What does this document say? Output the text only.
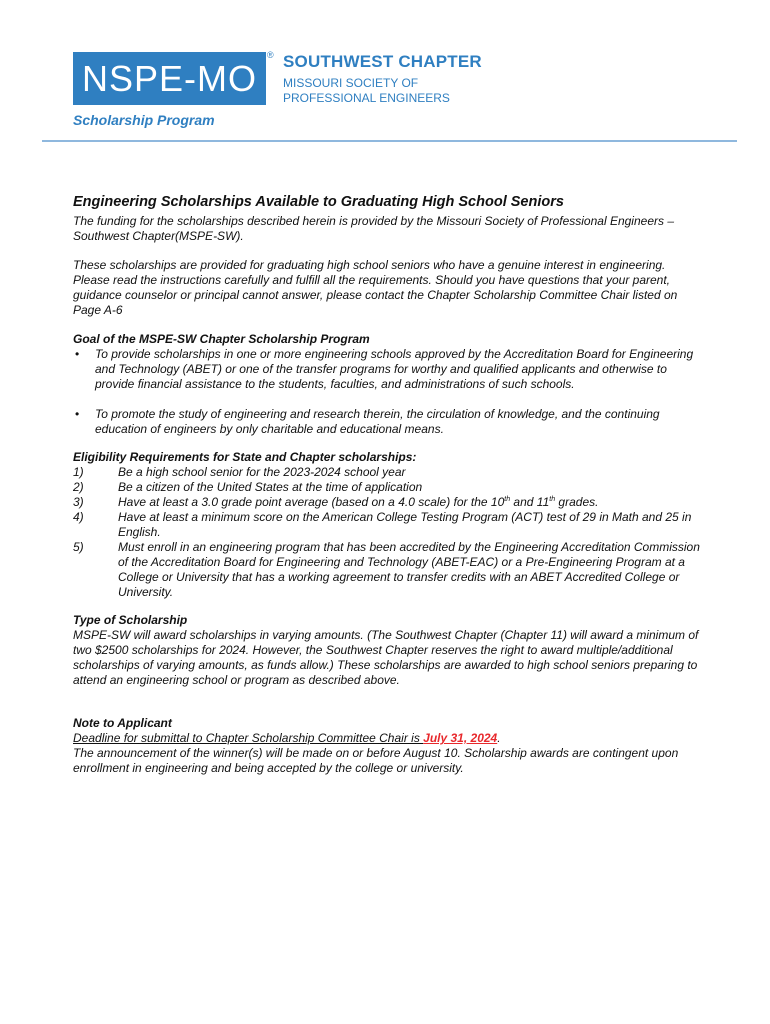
NSPE-MO
® SOUTHWEST CHAPTER
MISSOURI SOCIETY OF
PROFESSIONAL ENGINEERS
Scholarship Program
Engineering Scholarships Available to Graduating High School Seniors

The funding for the scholarships described herein is provided by the Missouri Society of Professional Engineers – Southwest Chapter(MSPE-SW).

These scholarships are provided for graduating high school seniors who have a genuine interest in engineering. Please read the instructions carefully and fulfill all the requirements. Should you have questions that your parent, guidance counselor or principal cannot answer, please contact the Chapter Scholarship Committee Chair listed on Page A-6

Goal of the MSPE-SW Chapter Scholarship Program
• To provide scholarships in one or more engineering schools approved by the Accreditation Board for Engineering and Technology (ABET) or one of the transfer programs for worthy and qualified applicants and otherwise to provide financial assistance to the students, faculties, and administrations of such schools.
• To promote the study of engineering and research therein, the circulation of knowledge, and the continuing education of engineers by only charitable and educational means.
Eligibility Requirements for State and Chapter scholarships:
1)	Be a high school senior for the 2023-2024 school year
2)	Be a citizen of the United States at the time of application
3)	Have at least a 3.0 grade point average (based on a 4.0 scale) for the 10th and 11th grades.
4)	Have at least a minimum score on the American College Testing Program (ACT) test of 29 in Math and 25 in English.
5)	Must enroll in an engineering program that has been accredited by the Engineering Accreditation Commission of the Accreditation Board for Engineering and Technology (ABET-EAC) or a Pre-Engineering Program at a College or University that has a working agreement to transfer credits with an ABET Accredited College or University.
Type of Scholarship

MSPE-SW will award scholarships in varying amounts. (The Southwest Chapter (Chapter 11) will award a minimum of two $2500 scholarships for 2024. However, the Southwest Chapter reserves the right to award multiple/additional scholarships of varying amounts, as funds allow.) These scholarships are awarded to high school seniors preparing to attend an engineering school or program as described above.

Note to Applicant

Deadline for submittal to Chapter Scholarship Committee Chair is July 31, 2024.

The announcement of the winner(s) will be made on or before August 10. Scholarship awards are contingent upon enrollment in engineering and being accepted by the college or university.
